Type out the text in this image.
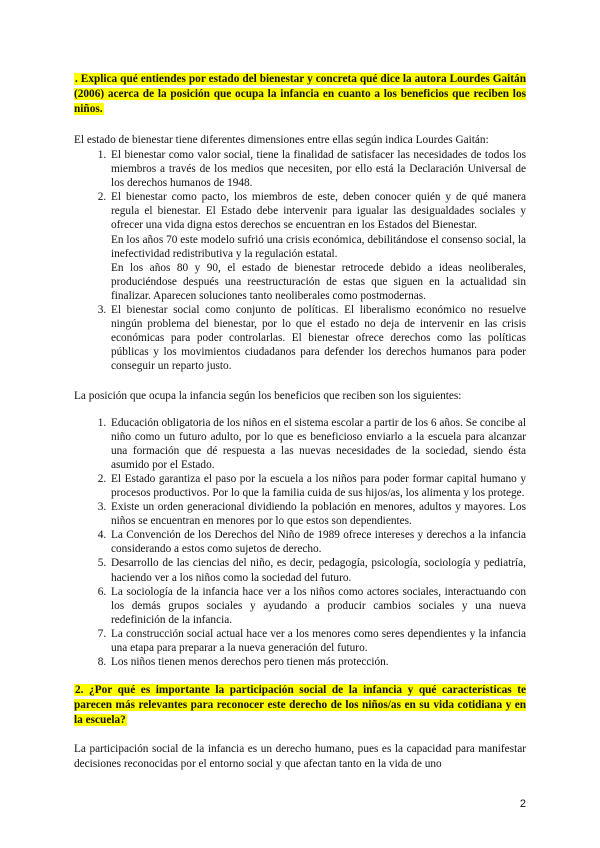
. Explica qué entiendes por estado del bienestar y concreta qué dice la autora Lourdes Gaitán (2006) acerca de la posición que ocupa la infancia en cuanto a los beneficios que reciben los niños.

El estado de bienestar tiene diferentes dimensiones entre ellas según indica Lourdes Gaitán:

1. El bienestar como valor social, tiene la finalidad de satisfacer las necesidades de todos los miembros a través de los medios que necesiten, por ello está la Declaración Universal de los derechos humanos de 1948.

2. El bienestar como pacto, los miembros de este, deben conocer quién y de qué manera regula el bienestar. El Estado debe intervenir para igualar las desigualdades sociales y ofrecer una vida digna estos derechos se encuentran en los Estados del Bienestar.

En los años 70 este modelo sufrió una crisis económica, debilitándose el consenso social, la inefectividad redistributiva y la regulación estatal.

En los años 80 y 90, el estado de bienestar retrocede debido a ideas neoliberales, produciéndose después una reestructuración de estas que siguen en la actualidad sin finalizar. Aparecen soluciones tanto neoliberales como postmodernas.

3. El bienestar social como conjunto de políticas. El liberalismo económico no resuelve ningún problema del bienestar, por lo que el estado no deja de intervenir en las crisis económicas para poder controlarlas. El bienestar ofrece derechos como las políticas públicas y los movimientos ciudadanos para defender los derechos humanos para poder conseguir un reparto justo.

La posición que ocupa la infancia según los beneficios que reciben son los siguientes:

1. Educación obligatoria de los niños en el sistema escolar a partir de los 6 años. Se concibe al niño como un futuro adulto, por lo que es beneficioso enviarlo a la escuela para alcanzar una formación que dé respuesta a las nuevas necesidades de la sociedad, siendo ésta asumido por el Estado.
2. El Estado garantiza el paso por la escuela a los niños para poder formar capital humano y procesos productivos. Por lo que la familia cuida de sus hijos/as, los alimenta y los protege.
3. Existe un orden generacional dividiendo la población en menores, adultos y mayores. Los niños se encuentran en menores por lo que estos son dependientes.
4. La Convención de los Derechos del Niño de 1989 ofrece intereses y derechos a la infancia considerando a estos como sujetos de derecho.
5. Desarrollo de las ciencias del niño, es decir, pedagogía, psicología, sociología y pediatría, haciendo ver a los niños como la sociedad del futuro.
6. La sociología de la infancia hace ver a los niños como actores sociales, interactuando con los demás grupos sociales y ayudando a producir cambios sociales y una nueva redefinición de la infancia.
7. La construcción social actual hace ver a los menores como seres dependientes y la infancia una etapa para preparar a la nueva generación del futuro.
8. Los niños tienen menos derechos pero tienen más protección.

2. ¿Por qué es importante la participación social de la infancia y qué características te parecen más relevantes para reconocer este derecho de los niños/as en su vida cotidiana y en la escuela?

La participación social de la infancia es un derecho humano, pues es la capacidad para manifestar decisiones reconocidas por el entorno social y que afectan tanto en la vida de uno

2
